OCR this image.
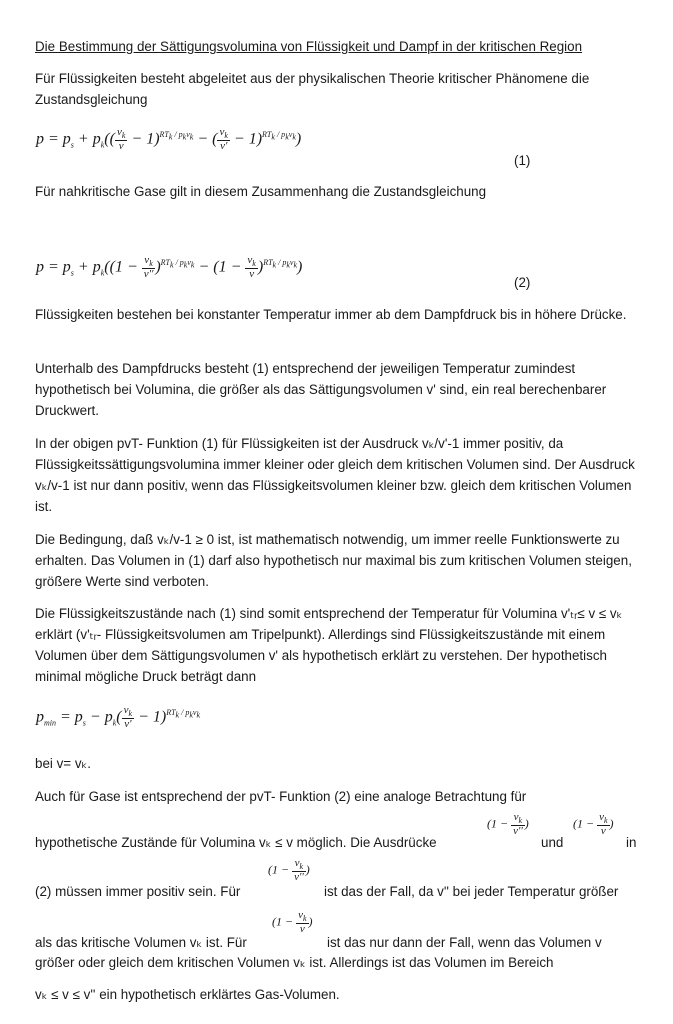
Die Bestimmung der Sättigungsvolumina von Flüssigkeit und Dampf in der kritischen Region

Für Flüssigkeiten besteht abgeleitet aus der physikalischen Theorie kritischer Phänomene die Zustandsgleichung

$p = p_s + p_k(( \frac{v_k}{v} - 1)^{RT_k / p_kv_k}$ − ( $\frac{v_k}{v'} - 1)^{RT_k / p_kv_k}$)
(1)

Für nahkritische Gase gilt in diesem Zusammenhang die Zustandsgleichung

$p = p_s + p_k((1 - \frac{v_k}{v''} )^{RT_k / p_kv_k} - (1 - \frac{v_k}{v} )^{RT_k / p_kv_k})$
(2)

Flüssigkeiten bestehen bei konstanter Temperatur immer ab dem Dampfdruck bis in höhere Drücke.

Unterhalb des Dampfdrucks besteht (1) entsprechend der jeweiligen Temperatur zumindest hypothetisch bei Volumina, die größer als das Sättigungsvolumen v' sind, ein real berechenbarer Druckwert.

In der obigen pvT- Funktion (1) für Flüssigkeiten ist der Ausdruck vₖ/v'-1 immer positiv, da Flüssigkeitssättigungsvolumina immer kleiner oder gleich dem kritischen Volumen sind. Der Ausdruck vₖ/v-1 ist nur dann positiv, wenn das Flüssigkeitsvolumen kleiner bzw. gleich dem kritischen Volumen ist.

Die Bedingung, daß vₖ/v-1 ≥ 0 ist, ist mathematisch notwendig, um immer reelle Funktionswerte zu erhalten. Das Volumen in (1) darf also hypothetisch nur maximal bis zum kritischen Volumen steigen, größere Werte sind verboten.

Die Flüssigkeitszustände nach (1) sind somit entsprechend der Temperatur für Volumina v'ₜᵣ≤ v ≤ vₖ erklärt (v'ₜᵣ- Flüssigkeitsvolumen am Tripelpunkt). Allerdings sind Flüssigkeitszustände mit einem Volumen über dem Sättigungsvolumen v' als hypothetisch erklärt zu verstehen. Der hypothetisch minimal mögliche Druck beträgt dann

$p_{min} = p_s - p_k( \frac{v_k}{v'} - 1)^{RT_k / p_kv_k}$

bei v= vₖ.

Auch für Gase ist entsprechend der pvT- Funktion (2) eine analoge Betrachtung für

hypothetische Zustände für Volumina vₖ ≤ v möglich. Die Ausdrücke
($1 - \frac{v_k}{v''}$ )
und
($1 - \frac{v_k}{v}$ )
in
(2) müssen immer positiv sein. Für
($1 - \frac{v_k}{v''}$ )
ist das der Fall, da v'' bei jeder Temperatur größer
als das kritische Volumen vₖ ist. Für
($1 - \frac{v_k}{v}$ )
ist das nur dann der Fall, wenn das Volumen v

größer oder gleich dem kritischen Volumen vₖ ist. Allerdings ist das Volumen im Bereich

vₖ ≤ v ≤ v'' ein hypothetisch erklärtes Gas-Volumen.
